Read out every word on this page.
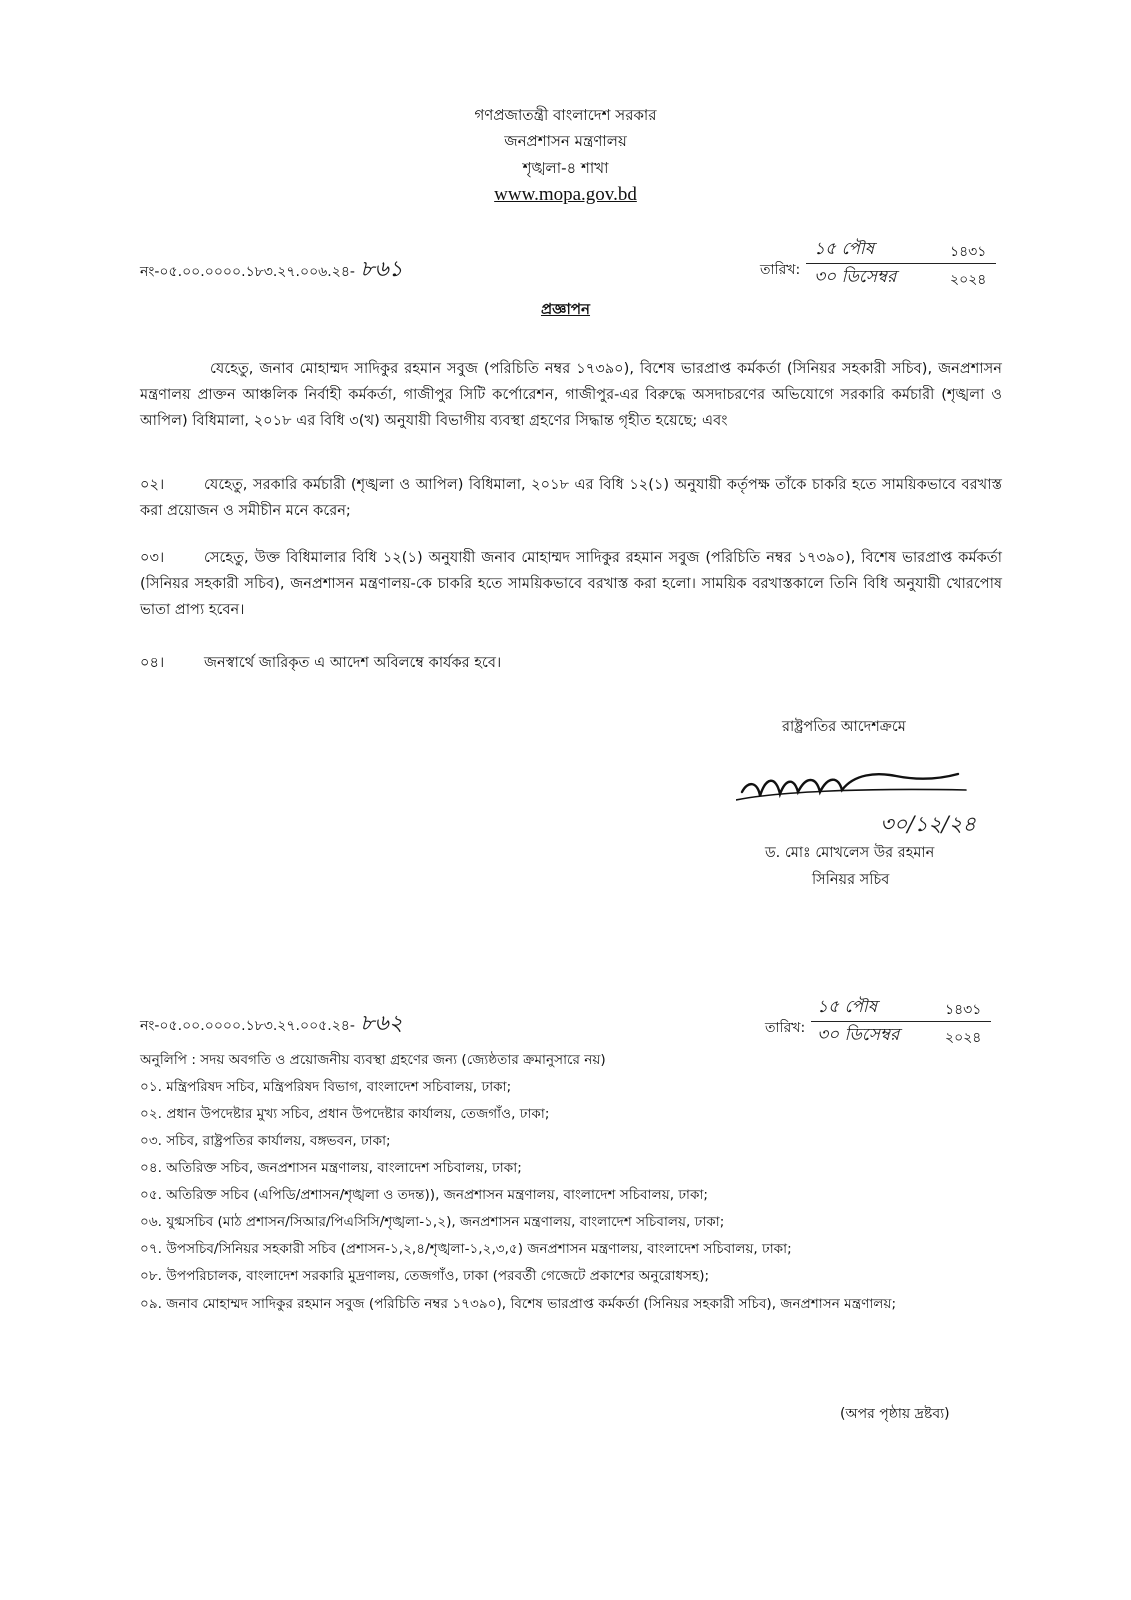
গণপ্রজাতন্ত্রী বাংলাদেশ সরকার
জনপ্রশাসন মন্ত্রণালয়
শৃঙ্খলা-৪ শাখা
www.mopa.gov.bd
নং-০৫.০০.০০০০.১৮৩.২৭.০০৬.২৪- ৮৬১	তারিখ:
১৫ পৌষ	১৪৩১
৩০ ডিসেম্বর	২০২৪
প্রজ্ঞাপন
যেহেতু, জনাব মোহাম্মদ সাদিকুর রহমান সবুজ (পরিচিতি নম্বর ১৭৩৯০), বিশেষ ভারপ্রাপ্ত কর্মকর্তা (সিনিয়র সহকারী সচিব), জনপ্রশাসন মন্ত্রণালয় প্রাক্তন আঞ্চলিক নির্বাহী কর্মকর্তা, গাজীপুর সিটি কর্পোরেশন, গাজীপুর-এর বিরুদ্ধে অসদাচরণের অভিযোগে সরকারি কর্মচারী (শৃঙ্খলা ও আপিল) বিধিমালা, ২০১৮ এর বিধি ৩(খ) অনুযায়ী বিভাগীয় ব্যবস্থা গ্রহণের সিদ্ধান্ত গৃহীত হয়েছে; এবং
০২।	যেহেতু, সরকারি কর্মচারী (শৃঙ্খলা ও আপিল) বিধিমালা, ২০১৮ এর বিধি ১২(১) অনুযায়ী কর্তৃপক্ষ তাঁকে চাকরি হতে সাময়িকভাবে বরখাস্ত করা প্রয়োজন ও সমীচীন মনে করেন;
০৩।	সেহেতু, উক্ত বিধিমালার বিধি ১২(১) অনুযায়ী জনাব মোহাম্মদ সাদিকুর রহমান সবুজ (পরিচিতি নম্বর ১৭৩৯০), বিশেষ ভারপ্রাপ্ত কর্মকর্তা (সিনিয়র সহকারী সচিব), জনপ্রশাসন মন্ত্রণালয়-কে চাকরি হতে সাময়িকভাবে বরখাস্ত করা হলো। সাময়িক বরখাস্তকালে তিনি বিধি অনুযায়ী খোরপোষ ভাতা প্রাপ্য হবেন।
০৪।	জনস্বার্থে জারিকৃত এ আদেশ অবিলম্বে কার্যকর হবে।
রাষ্ট্রপতির আদেশক্রমে
৩০/১২/২৪
ড. মোঃ মোখলেস উর রহমান
সিনিয়র সচিব
নং-০৫.০০.০০০০.১৮৩.২৭.০০৫.২৪- ৮৬২	তারিখ:
১৫ পৌষ	১৪৩১
৩০ ডিসেম্বর	২০২৪
অনুলিপি : সদয় অবগতি ও প্রয়োজনীয় ব্যবস্থা গ্রহণের জন্য (জ্যেষ্ঠতার ক্রমানুসারে নয়)
০১. মন্ত্রিপরিষদ সচিব, মন্ত্রিপরিষদ বিভাগ, বাংলাদেশ সচিবালয়, ঢাকা;
০২. প্রধান উপদেষ্টার মুখ্য সচিব, প্রধান উপদেষ্টার কার্যালয়, তেজগাঁও, ঢাকা;
০৩. সচিব, রাষ্ট্রপতির কার্যালয়, বঙ্গভবন, ঢাকা;
০৪. অতিরিক্ত সচিব, জনপ্রশাসন মন্ত্রণালয়, বাংলাদেশ সচিবালয়, ঢাকা;
০৫. অতিরিক্ত সচিব (এপিডি/প্রশাসন/শৃঙ্খলা ও তদন্ত)), জনপ্রশাসন মন্ত্রণালয়, বাংলাদেশ সচিবালয়, ঢাকা;
০৬. যুগ্মসচিব (মাঠ প্রশাসন/সিআর/পিএসিসি/শৃঙ্খলা-১,২), জনপ্রশাসন মন্ত্রণালয়, বাংলাদেশ সচিবালয়, ঢাকা;
০৭. উপসচিব/সিনিয়র সহকারী সচিব (প্রশাসন-১,২,৪/শৃঙ্খলা-১,২,৩,৫) জনপ্রশাসন মন্ত্রণালয়, বাংলাদেশ সচিবালয়, ঢাকা;
০৮. উপপরিচালক, বাংলাদেশ সরকারি মুদ্রণালয়, তেজগাঁও, ঢাকা (পরবর্তী গেজেটে প্রকাশের অনুরোধসহ);
০৯. জনাব মোহাম্মদ সাদিকুর রহমান সবুজ (পরিচিতি নম্বর ১৭৩৯০), বিশেষ ভারপ্রাপ্ত কর্মকর্তা (সিনিয়র সহকারী সচিব), জনপ্রশাসন মন্ত্রণালয়;
(অপর পৃষ্ঠায় দ্রষ্টব্য)
